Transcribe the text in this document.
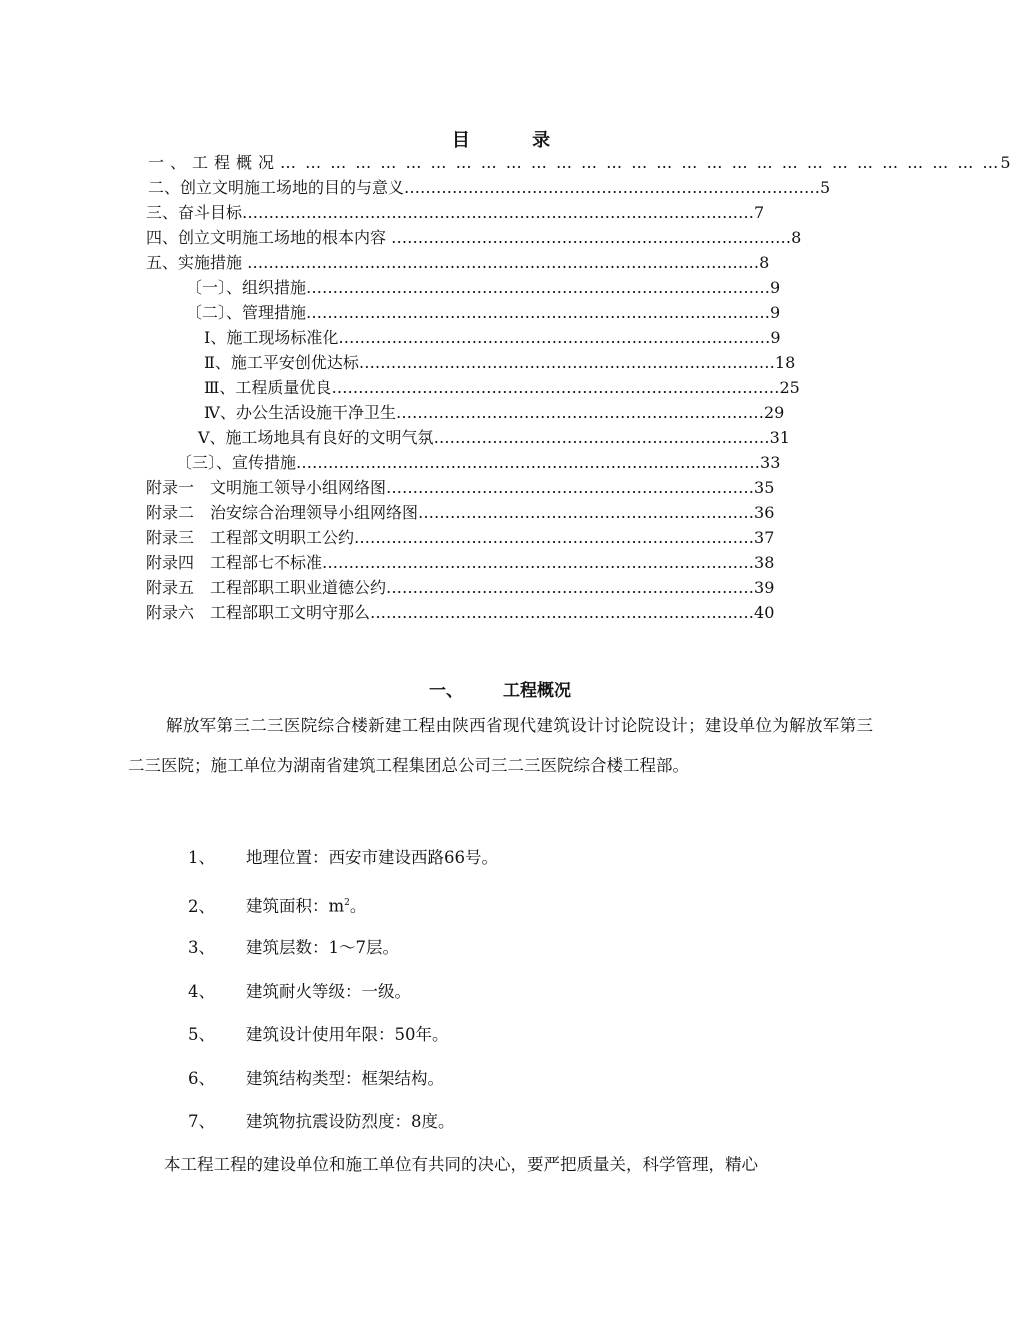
目 录
一、工程概况… … … … … … … … … … … … … … … … … … … … … … … … … … … … …5
二、创立文明施工场地的目的与意义……………………………………………………………………5
三、奋斗目标……………………………………………………………………………………7
四、创立文明施工场地的根本内容 …………………………………………………………………8
五、实施措施 ……………………………………………………………………………………8
〔一〕、组织措施……………………………………………………………………………9
〔二〕、管理措施……………………………………………………………………………9
Ⅰ、施工现场标准化………………………………………………………………………9
Ⅱ、施工平安创优达标……………………………………………………………………18
Ⅲ、工程质量优良…………………………………………………………………………25
Ⅳ、办公生活设施干净卫生……………………………………………………………29
Ⅴ、施工场地具有良好的文明气氛………………………………………………………31
〔三〕、宣传措施……………………………………………………………………………33
附录一　文明施工领导小组网络图……………………………………………………………35
附录二　治安综合治理领导小组网络图………………………………………………………36
附录三　工程部文明职工公约…………………………………………………………………37
附录四　工程部七不标准………………………………………………………………………38
附录五　工程部职工职业道德公约……………………………………………………………39
附录六　工程部职工文明守那么………………………………………………………………40
一、 工程概况
解放军第三二三医院综合楼新建工程由陕西省现代建筑设计讨论院设计；建设单位为解放军第三二三医院；施工单位为湖南省建筑工程集团总公司三二三医院综合楼工程部。
1、 地理位置：西安市建设西路66号。
2、 建筑面积：$m^2$。
3、 建筑层数：1～7层。
4、 建筑耐火等级：一级。
5、 建筑设计使用年限：50年。
6、 建筑结构类型：框架结构。
7、 建筑物抗震设防烈度：8度。
本工程工程的建设单位和施工单位有共同的决心，要严把质量关，科学管理，精心
